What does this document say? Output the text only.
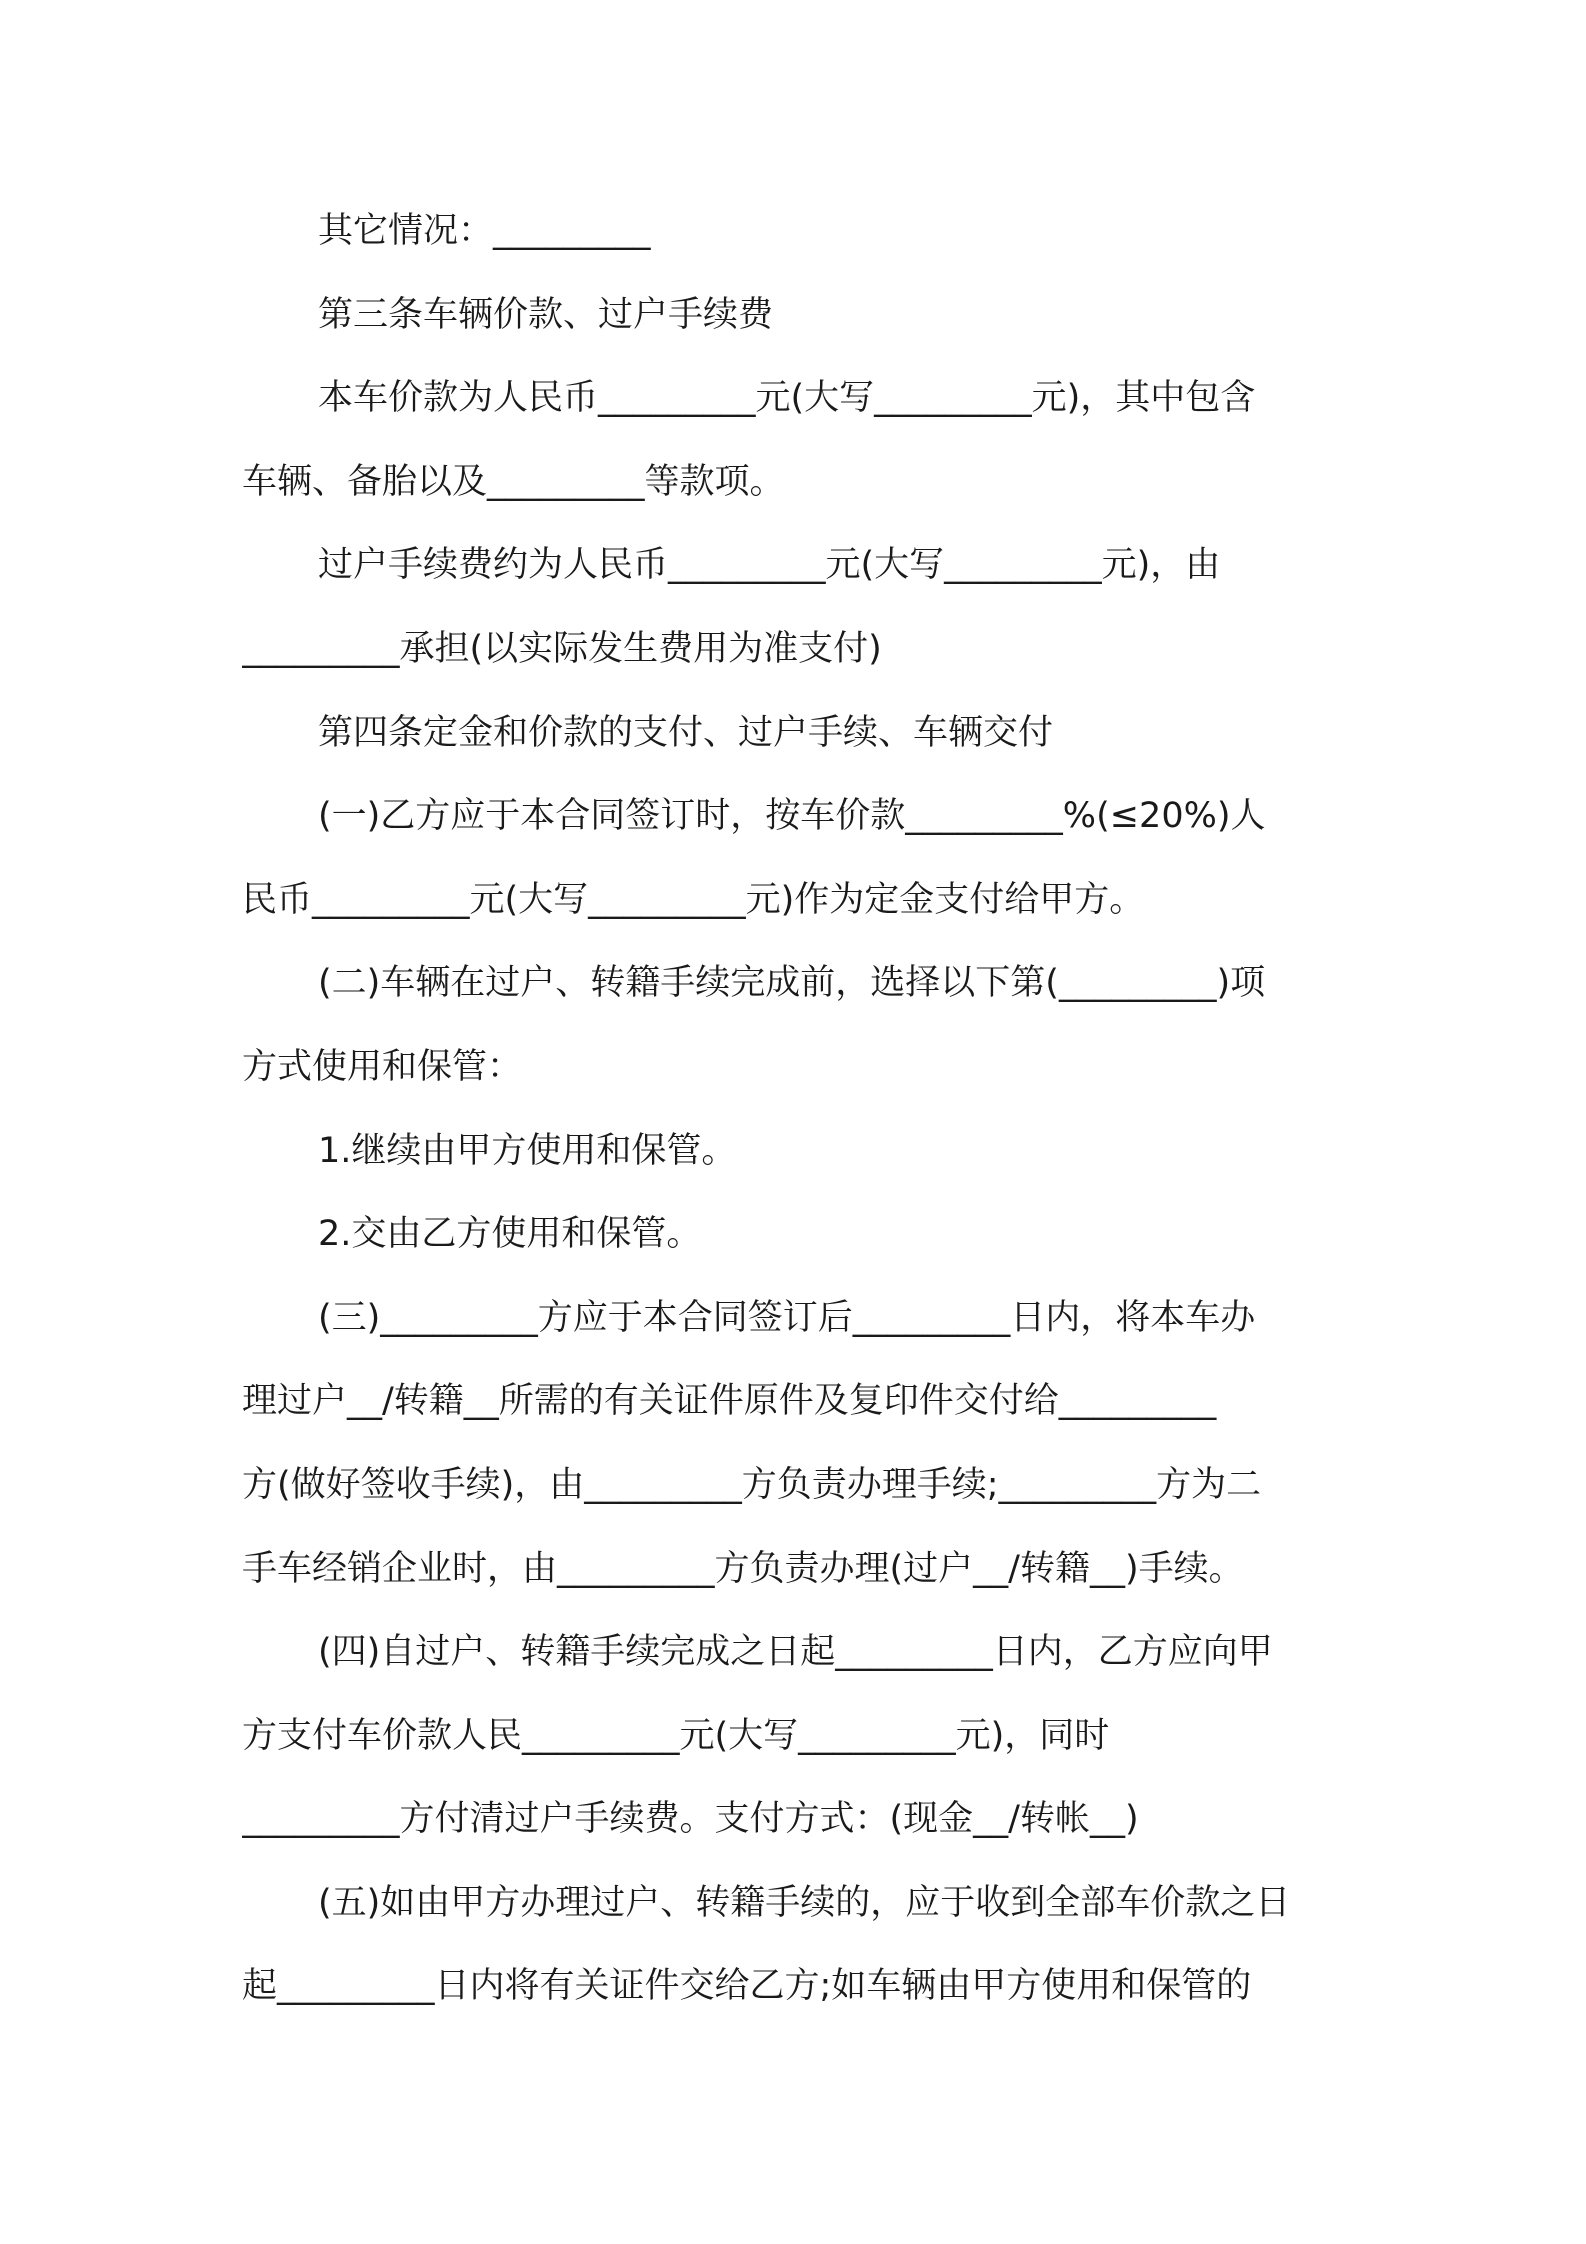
其它情况：_________
第三条车辆价款、过户手续费
本车价款为人民币_________元(大写_________元)，其中包含
车辆、备胎以及_________等款项。
过户手续费约为人民币_________元(大写_________元)，由
_________承担(以实际发生费用为准支付)
第四条定金和价款的支付、过户手续、车辆交付
(一)乙方应于本合同签订时，按车价款_________%(≤20%)人
民币_________元(大写_________元)作为定金支付给甲方。
(二)车辆在过户、转籍手续完成前，选择以下第(_________)项
方式使用和保管：
1.继续由甲方使用和保管。
2.交由乙方使用和保管。
(三)_________方应于本合同签订后_________日内，将本车办
理过户__/转籍__所需的有关证件原件及复印件交付给_________
方(做好签收手续)，由_________方负责办理手续;_________方为二
手车经销企业时，由_________方负责办理(过户__/转籍__)手续。
(四)自过户、转籍手续完成之日起_________日内，乙方应向甲
方支付车价款人民_________元(大写_________元)，同时
_________方付清过户手续费。支付方式：(现金__/转帐__)
(五)如由甲方办理过户、转籍手续的，应于收到全部车价款之日
起_________日内将有关证件交给乙方;如车辆由甲方使用和保管的
